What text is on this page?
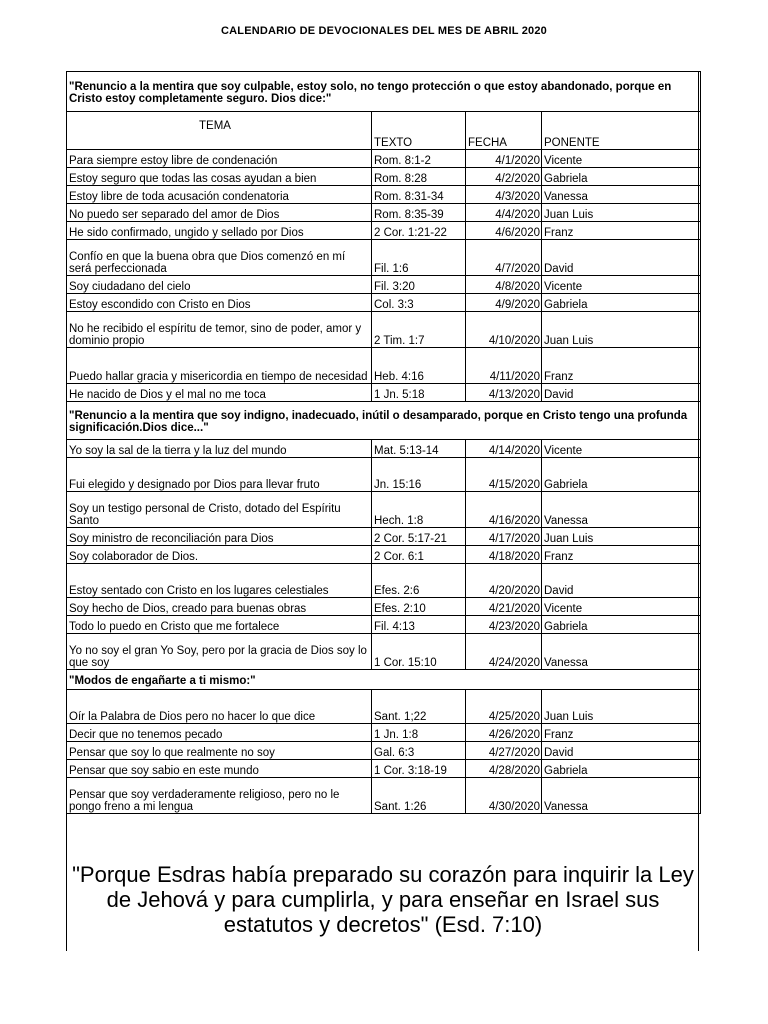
CALENDARIO DE DEVOCIONALES DEL MES DE ABRIL 2020
"Renuncio a la mentira que soy culpable, estoy solo, no tengo protección o que estoy abandonado, porque en Cristo estoy completamente seguro. Dios dice:"			
TEMA	TEXTO	FECHA	PONENTE
Para siempre estoy libre de condenación	Rom. 8:1-2	4/1/2020	Vicente
Estoy seguro que todas las cosas ayudan a bien	Rom. 8:28	4/2/2020	Gabriela
Estoy libre de toda acusación condenatoria	Rom. 8:31-34	4/3/2020	Vanessa
No puedo ser separado del amor de Dios	Rom. 8:35-39	4/4/2020	Juan Luis
He sido confirmado, ungido y sellado por Dios	2 Cor. 1:21-22	4/6/2020	Franz
Confío en que la buena obra que Dios comenzó en mí será perfeccionada	Fil. 1:6	4/7/2020	David
Soy ciudadano del cielo	Fil. 3:20	4/8/2020	Vicente
Estoy escondido con Cristo en Dios	Col. 3:3	4/9/2020	Gabriela
No he recibido el espíritu de temor, sino de poder, amor y dominio propio	2 Tim. 1:7	4/10/2020	Juan Luis
Puedo hallar gracia y misericordia en tiempo de necesidad	Heb. 4:16	4/11/2020	Franz
He nacido de Dios y el mal no me toca	1 Jn. 5:18	4/13/2020	David
"Renuncio a la mentira que soy indigno, inadecuado, inútil o desamparado, porque en Cristo tengo una profunda significación.Dios dice..."			
Yo soy la sal de la tierra y la luz del mundo	Mat. 5:13-14	4/14/2020	Vicente
Fui elegido y designado por Dios para llevar fruto	Jn. 15:16	4/15/2020	Gabriela
Soy un testigo personal de Cristo, dotado del Espíritu Santo	Hech. 1:8	4/16/2020	Vanessa
Soy ministro de reconciliación para Dios	2 Cor. 5:17-21	4/17/2020	Juan Luis
Soy colaborador de Dios.	2 Cor. 6:1	4/18/2020	Franz
Estoy sentado con Cristo en los lugares celestiales	Efes. 2:6	4/20/2020	David
Soy hecho de Dios, creado para buenas obras	Efes. 2:10	4/21/2020	Vicente
Todo lo puedo en Cristo que me fortalece	Fil. 4:13	4/23/2020	Gabriela
Yo no soy el gran Yo Soy, pero por la gracia de Dios soy lo que soy	1 Cor. 15:10	4/24/2020	Vanessa
"Modos de engañarte a ti mismo:"			
Oír la Palabra de Dios pero no hacer lo que dice	Sant. 1;22	4/25/2020	Juan Luis
Decir que no tenemos pecado	1 Jn. 1:8	4/26/2020	Franz
Pensar que soy lo que realmente no soy	Gal. 6:3	4/27/2020	David
Pensar que soy sabio en este mundo	1 Cor. 3:18-19	4/28/2020	Gabriela
Pensar que soy verdaderamente religioso, pero no le pongo freno a mi lengua	Sant. 1:26	4/30/2020	Vanessa
"Porque Esdras había preparado su corazón para inquirir la Ley de Jehová y para cumplirla, y para enseñar en Israel sus estatutos y decretos" (Esd. 7:10)
